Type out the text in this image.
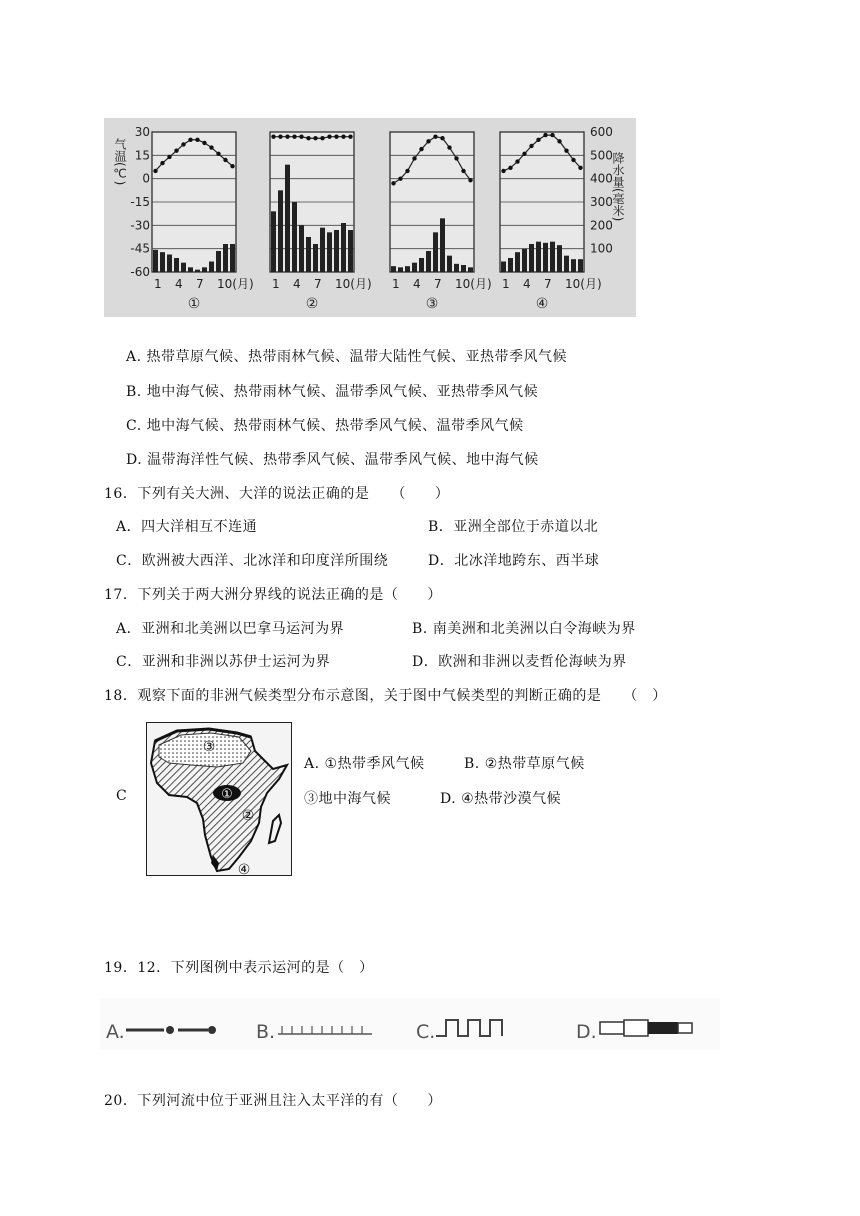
气温(℃)
30
15
0
-15
-30
-45
-60
降水量(毫米)
600
500
400
300
200
100
1 4 7 10(月)
①
1 4 7 10(月)
②
1 4 7 10(月)
③
1 4 7 10(月)
④
A. 热带草原气候、热带雨林气候、温带大陆性气候、亚热带季风气候
B. 地中海气候、热带雨林气候、温带季风气候、亚热带季风气候
C. 地中海气候、热带雨林气候、热带季风气候、温带季风气候
D. 温带海洋性气候、热带季风气候、温带季风气候、地中海气候
16．下列有关大洲、大洋的说法正确的是　　（　　）
A．四大洋相互不连通	B．亚洲全部位于赤道以北
C．欧洲被大西洋、北冰洋和印度洋所围绕	D．北冰洋地跨东、西半球
17．下列关于两大洲分界线的说法正确的是（　　）
A．亚洲和北美洲以巴拿马运河为界	B. 南美洲和北美洲以白令海峡为界
C．亚洲和非洲以苏伊士运河为界	D．欧洲和非洲以麦哲伦海峡为界
18．观察下面的非洲气候类型分布示意图，关于图中气候类型的判断正确的是　　（　）
C	①
②
③
④
A. ①热带季风气候	B. ②热带草原气候
③地中海气候	D. ④热带沙漠气候
19．12．下列图例中表示运河的是（　）
A.	B.	C.	D.
20．下列河流中位于亚洲且注入太平洋的有（　　）
